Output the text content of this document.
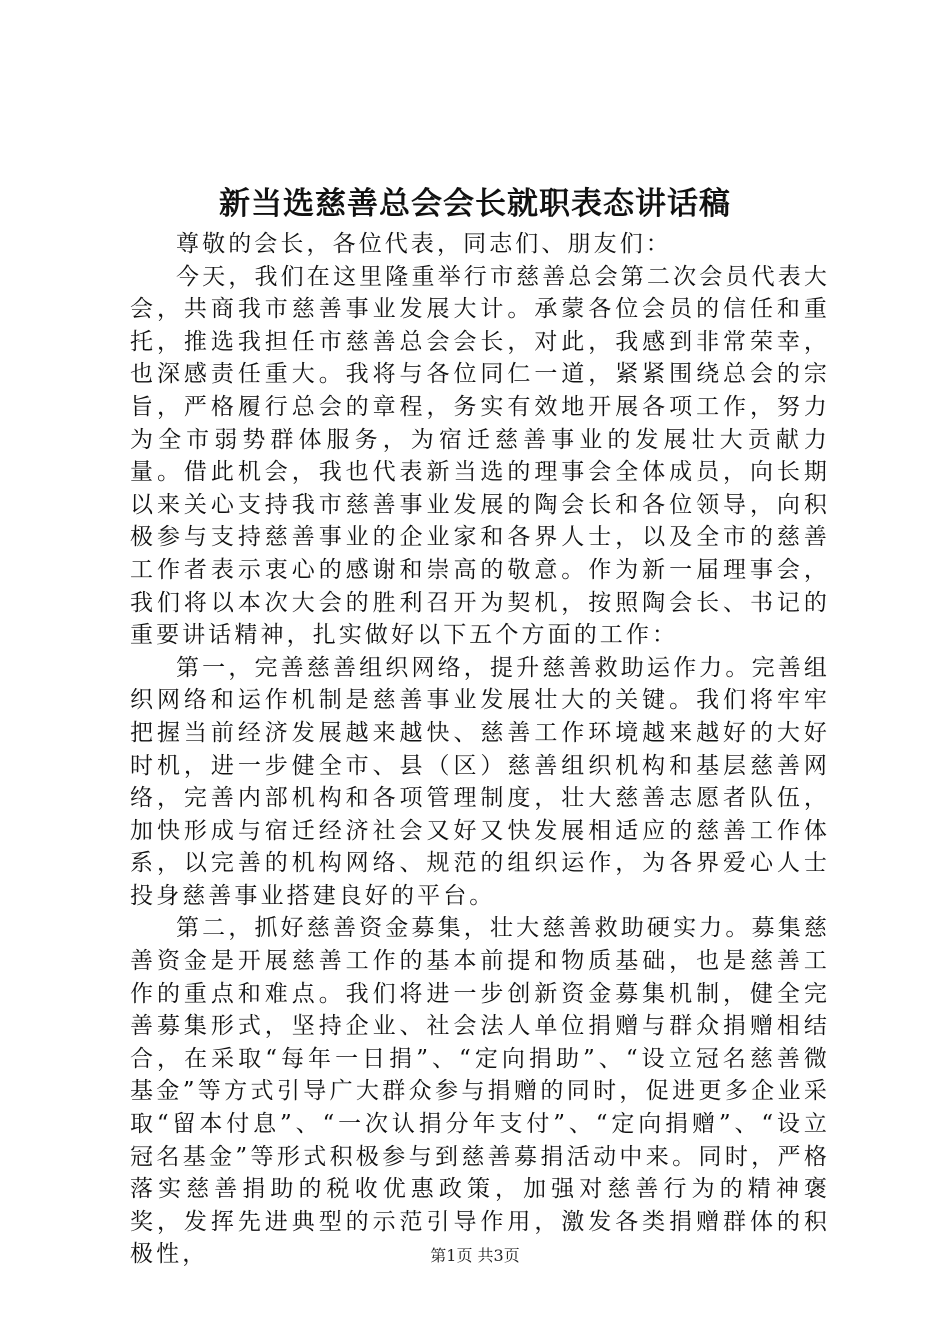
新当选慈善总会会长就职表态讲话稿

尊敬的会长，各位代表，同志们、朋友们：

今天，我们在这里隆重举行市慈善总会第二次会员代表大会，共商我市慈善事业发展大计。承蒙各位会员的信任和重托，推选我担任市慈善总会会长，对此，我感到非常荣幸，也深感责任重大。我将与各位同仁一道，紧紧围绕总会的宗旨，严格履行总会的章程，务实有效地开展各项工作，努力为全市弱势群体服务，为宿迁慈善事业的发展壮大贡献力量。借此机会，我也代表新当选的理事会全体成员，向长期以来关心支持我市慈善事业发展的陶会长和各位领导，向积极参与支持慈善事业的企业家和各界人士，以及全市的慈善工作者表示衷心的感谢和崇高的敬意。作为新一届理事会，我们将以本次大会的胜利召开为契机，按照陶会长、书记的重要讲话精神，扎实做好以下五个方面的工作：

第一，完善慈善组织网络，提升慈善救助运作力。完善组织网络和运作机制是慈善事业发展壮大的关键。我们将牢牢把握当前经济发展越来越快、慈善工作环境越来越好的大好时机，进一步健全市、县（区）慈善组织机构和基层慈善网络，完善内部机构和各项管理制度，壮大慈善志愿者队伍，加快形成与宿迁经济社会又好又快发展相适应的慈善工作体系，以完善的机构网络、规范的组织运作，为各界爱心人士投身慈善事业搭建良好的平台。

第二，抓好慈善资金募集，壮大慈善救助硬实力。募集慈善资金是开展慈善工作的基本前提和物质基础，也是慈善工作的重点和难点。我们将进一步创新资金募集机制，健全完善募集形式，坚持企业、社会法人单位捐赠与群众捐赠相结合，在采取“每年一日捐”、“定向捐助”、“设立冠名慈善微基金”等方式引导广大群众参与捐赠的同时，促进更多企业采取“留本付息”、“一次认捐分年支付”、“定向捐赠”、“设立冠名基金”等形式积极参与到慈善募捐活动中来。同时，严格落实慈善捐助的税收优惠政策，加强对慈善行为的精神褒奖，发挥先进典型的示范引导作用，激发各类捐赠群体的积极性，	第1页 共3页
